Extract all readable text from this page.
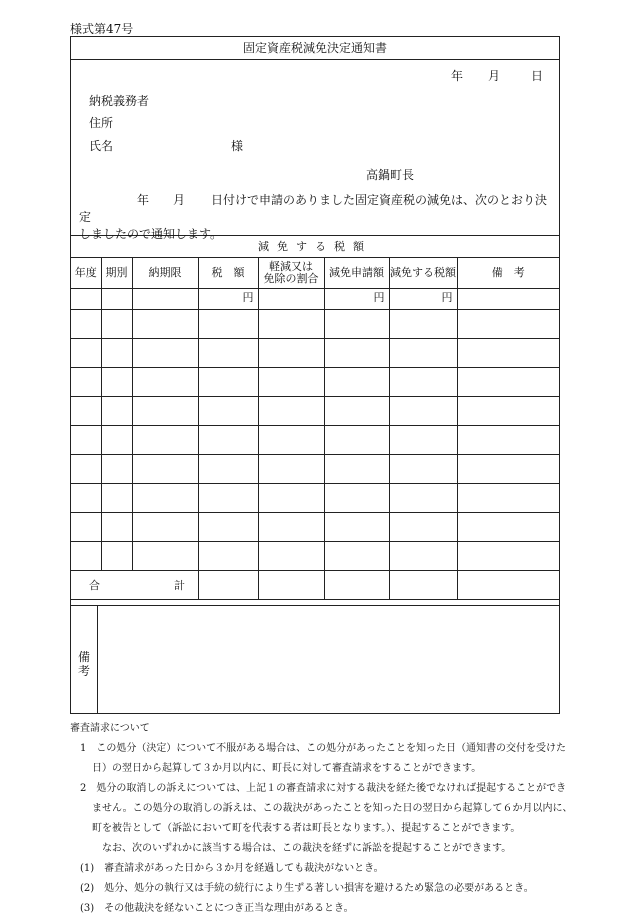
様式第47号
固定資産税減免決定通知書
年 月	日
納税義務者
住所
氏名	様
高鍋町長
年 月 日付けで申請のありました固定資産税の減免は、次のとおり決定
しましたので通知します。
減免する税額							
年度	期別	納期限	税　額	軽減又は
免除の割合	減免申請額	減免する税額	備　考
			円		円	円	

合 計							
備考

審査請求について

1　この処分（決定）について不服がある場合は、この処分があったことを知った日（通知書の交付を受けた

日）の翌日から起算して３か月以内に、町長に対して審査請求をすることができます。

2　処分の取消しの訴えについては、上記１の審査請求に対する裁決を経た後でなければ提起することができ

ません。この処分の取消しの訴えは、この裁決があったことを知った日の翌日から起算して６か月以内に、

町を被告として（訴訟において町を代表する者は町長となります。）、提起することができます。

なお、次のいずれかに該当する場合は、この裁決を経ずに訴訟を提起することができます。

(1)　審査請求があった日から３か月を経過しても裁決がないとき。

(2)　処分、処分の執行又は手続の続行により生ずる著しい損害を避けるため緊急の必要があるとき。

(3)　その他裁決を経ないことにつき正当な理由があるとき。
